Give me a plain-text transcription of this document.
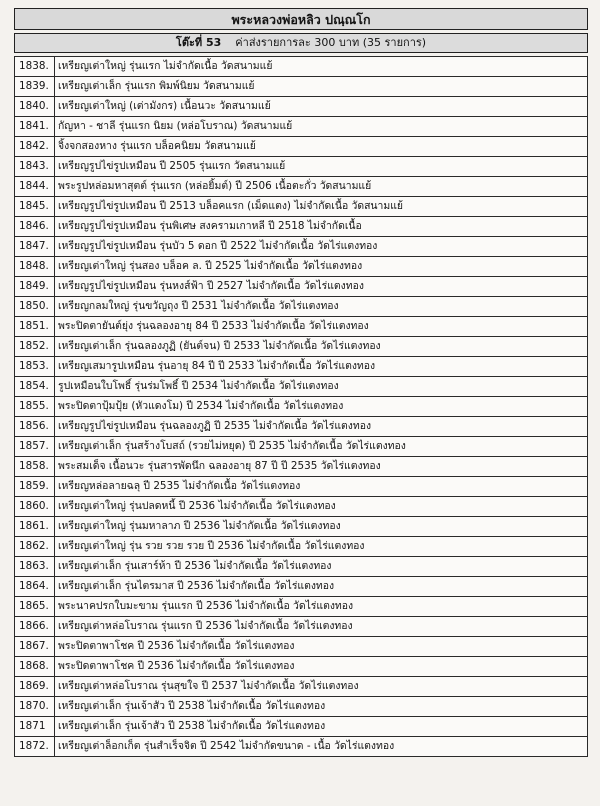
พระหลวงพ่อหลิว ปณฺณโก
โต๊ะที่ 53 ค่าส่งรายการละ 300 บาท (35 รายการ)
1838.	เหรียญเต่าใหญ่ รุ่นแรก ไม่จำกัดเนื้อ วัดสนามแย้
1839.	เหรียญเต่าเล็ก รุ่นแรก พิมพ์นิยม วัดสนามแย้
1840.	เหรียญเต่าใหญ่ (เต่ามังกร) เนื้อนวะ วัดสนามแย้
1841.	กัญหา - ชาลี รุ่นแรก นิยม (หล่อโบราณ) วัดสนามแย้
1842.	จิ้งจกสองหาง รุ่นแรก บล็อคนิยม วัดสนามแย้
1843.	เหรียญรูปไข่รูปเหมือน ปี 2505 รุ่นแรก วัดสนามแย้
1844.	พระรูปหล่อมหาสุตต์ รุ่นแรก (หล่อยิ้มต์) ปี 2506 เนื้อตะกั่ว วัดสนามแย้
1845.	เหรียญรูปไข่รูปเหมือน ปี 2513 บล็อคแรก (เม็ดแตง) ไม่จำกัดเนื้อ วัดสนามแย้
1846.	เหรียญรูปไข่รูปเหมือน รุ่นพิเศษ สงครามเกาหลี ปี 2518 ไม่จำกัดเนื้อ
1847.	เหรียญรูปไข่รูปเหมือน รุ่นบัว 5 ดอก ปี 2522 ไม่จำกัดเนื้อ วัดไร่แตงทอง
1848.	เหรียญเต่าใหญ่ รุ่นสอง บล็อค ล. ปี 2525 ไม่จำกัดเนื้อ วัดไร่แตงทอง
1849.	เหรียญรูปไข่รูปเหมือน รุ่นหงส์ฟ้า ปี 2527 ไม่จำกัดเนื้อ วัดไร่แตงทอง
1850.	เหรียญกลมใหญ่ รุ่นขวัญถุง ปี 2531 ไม่จำกัดเนื้อ วัดไร่แตงทอง
1851.	พระปิดตายันต์ยุ่ง รุ่นฉลองอายุ 84 ปี 2533 ไม่จำกัดเนื้อ วัดไร่แตงทอง
1852.	เหรียญเต่าเล็ก รุ่นฉลองภูฏิ (ยันต์จน) ปี 2533 ไม่จำกัดเนื้อ วัดไร่แตงทอง
1853.	เหรียญเสมารูปเหมือน รุ่นอายุ 84 ปี ปี 2533 ไม่จำกัดเนื้อ วัดไร่แตงทอง
1854.	รูปเหมือนใบโพธิ์ รุ่นร่มโพธิ์ ปี 2534 ไม่จำกัดเนื้อ วัดไร่แตงทอง
1855.	พระปิดตาปุ้มปุ้ย (หัวแดงโม) ปี 2534 ไม่จำกัดเนื้อ วัดไร่แตงทอง
1856.	เหรียญรูปไข่รูปเหมือน รุ่นฉลองภูฏิ ปี 2535 ไม่จำกัดเนื้อ วัดไร่แตงทอง
1857.	เหรียญเต่าเล็ก รุ่นสร้างโบสถ์ (รวยไม่หยุด) ปี 2535 ไม่จำกัดเนื้อ วัดไร่แตงทอง
1858.	พระสมเด็จ เนื้อนวะ รุ่นสารพัดนึก ฉลองอายุ 87 ปี ปี 2535 วัดไร่แตงทอง
1859.	เหรียญหล่อลายฉลุ ปี 2535 ไม่จำกัดเนื้อ วัดไร่แตงทอง
1860.	เหรียญเต่าใหญ่ รุ่นปลดหนี้ ปี 2536 ไม่จำกัดเนื้อ วัดไร่แตงทอง
1861.	เหรียญเต่าใหญ่ รุ่นมหาลาภ ปี 2536 ไม่จำกัดเนื้อ วัดไร่แตงทอง
1862.	เหรียญเต่าใหญ่ รุ่น รวย รวย รวย ปี 2536 ไม่จำกัดเนื้อ วัดไร่แตงทอง
1863.	เหรียญเต่าเล็ก รุ่นเสาร์ห้า ปี 2536 ไม่จำกัดเนื้อ วัดไร่แตงทอง
1864.	เหรียญเต่าเล็ก รุ่นไตรมาส ปี 2536 ไม่จำกัดเนื้อ วัดไร่แตงทอง
1865.	พระนาคปรกใบมะขาม รุ่นแรก ปี 2536 ไม่จำกัดเนื้อ วัดไร่แตงทอง
1866.	เหรียญเต่าหล่อโบราณ รุ่นแรก ปี 2536 ไม่จำกัดเนื้อ วัดไร่แตงทอง
1867.	พระปิดตาพาโชค ปี 2536 ไม่จำกัดเนื้อ วัดไร่แตงทอง
1868.	พระปิดตาพาโชค ปี 2536 ไม่จำกัดเนื้อ วัดไร่แตงทอง
1869.	เหรียญเต่าหล่อโบราณ รุ่นสุขใจ ปี 2537 ไม่จำกัดเนื้อ วัดไร่แตงทอง
1870.	เหรียญเต่าเล็ก รุ่นเจ้าสัว ปี 2538 ไม่จำกัดเนื้อ วัดไร่แตงทอง
1871	เหรียญเต่าเล็ก รุ่นเจ้าสัว ปี 2538 ไม่จำกัดเนื้อ วัดไร่แตงทอง
1872.	เหรียญเต่าล็อกเก็ต รุ่นสำเร็จจิต ปี 2542 ไม่จำกัดขนาด - เนื้อ วัดไร่แตงทอง
